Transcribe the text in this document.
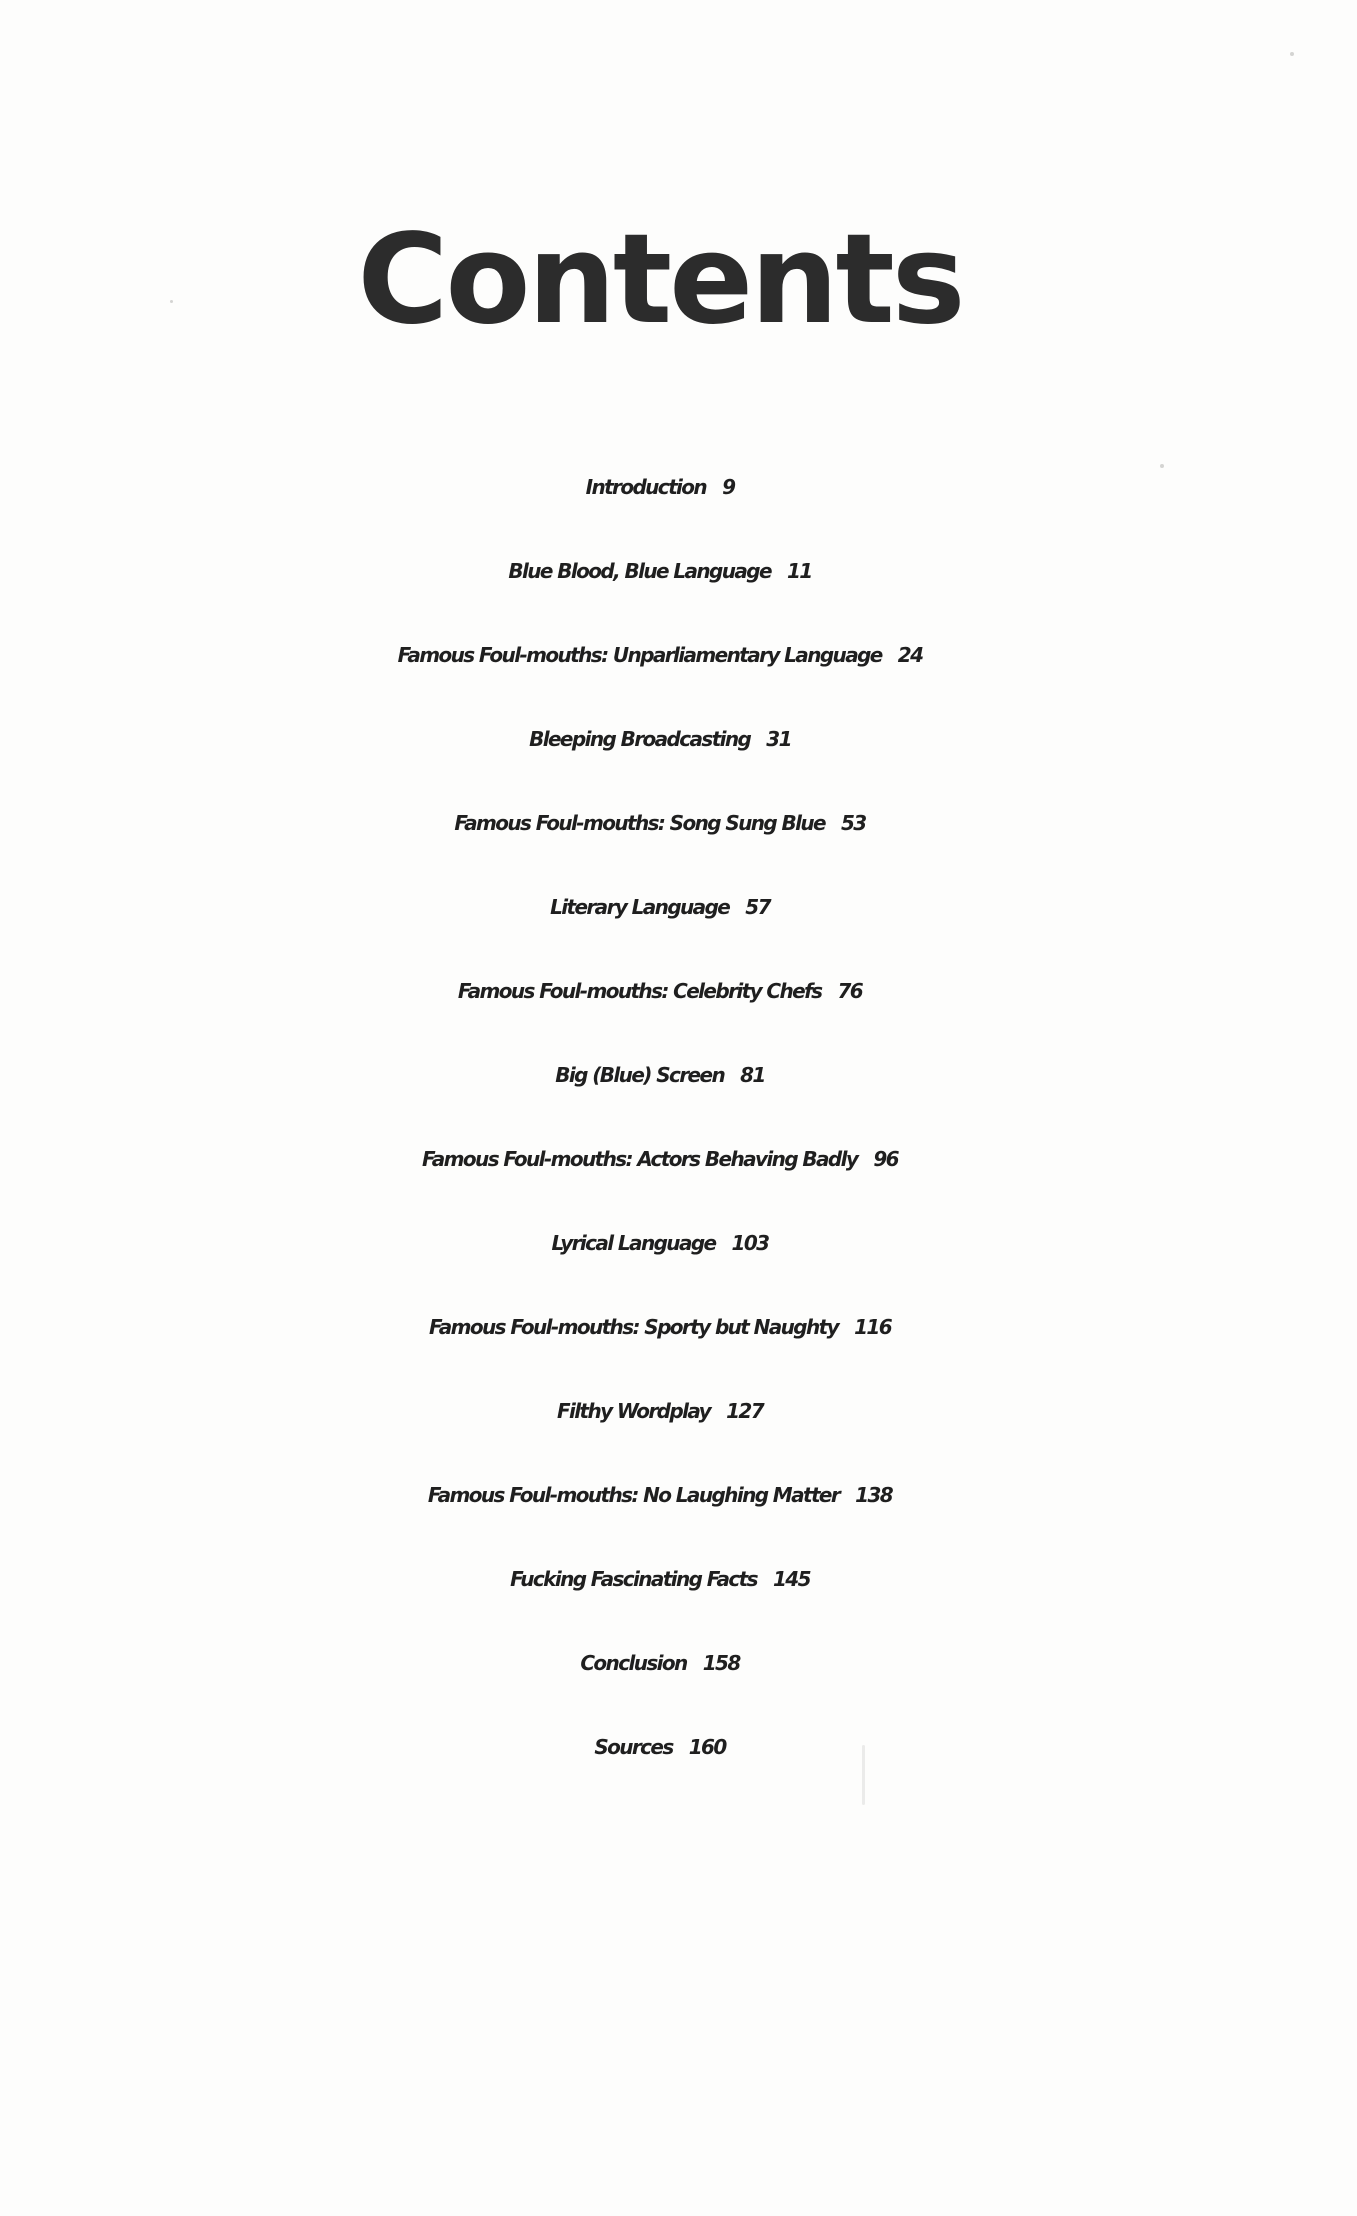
Contents
Introduction 9
Blue Blood, Blue Language 11
Famous Foul-mouths: Unparliamentary Language 24
Bleeping Broadcasting 31
Famous Foul-mouths: Song Sung Blue 53
Literary Language 57
Famous Foul-mouths: Celebrity Chefs 76
Big (Blue) Screen 81
Famous Foul-mouths: Actors Behaving Badly 96
Lyrical Language 103
Famous Foul-mouths: Sporty but Naughty 116
Filthy Wordplay 127
Famous Foul-mouths: No Laughing Matter 138
Fucking Fascinating Facts 145
Conclusion 158
Sources 160
